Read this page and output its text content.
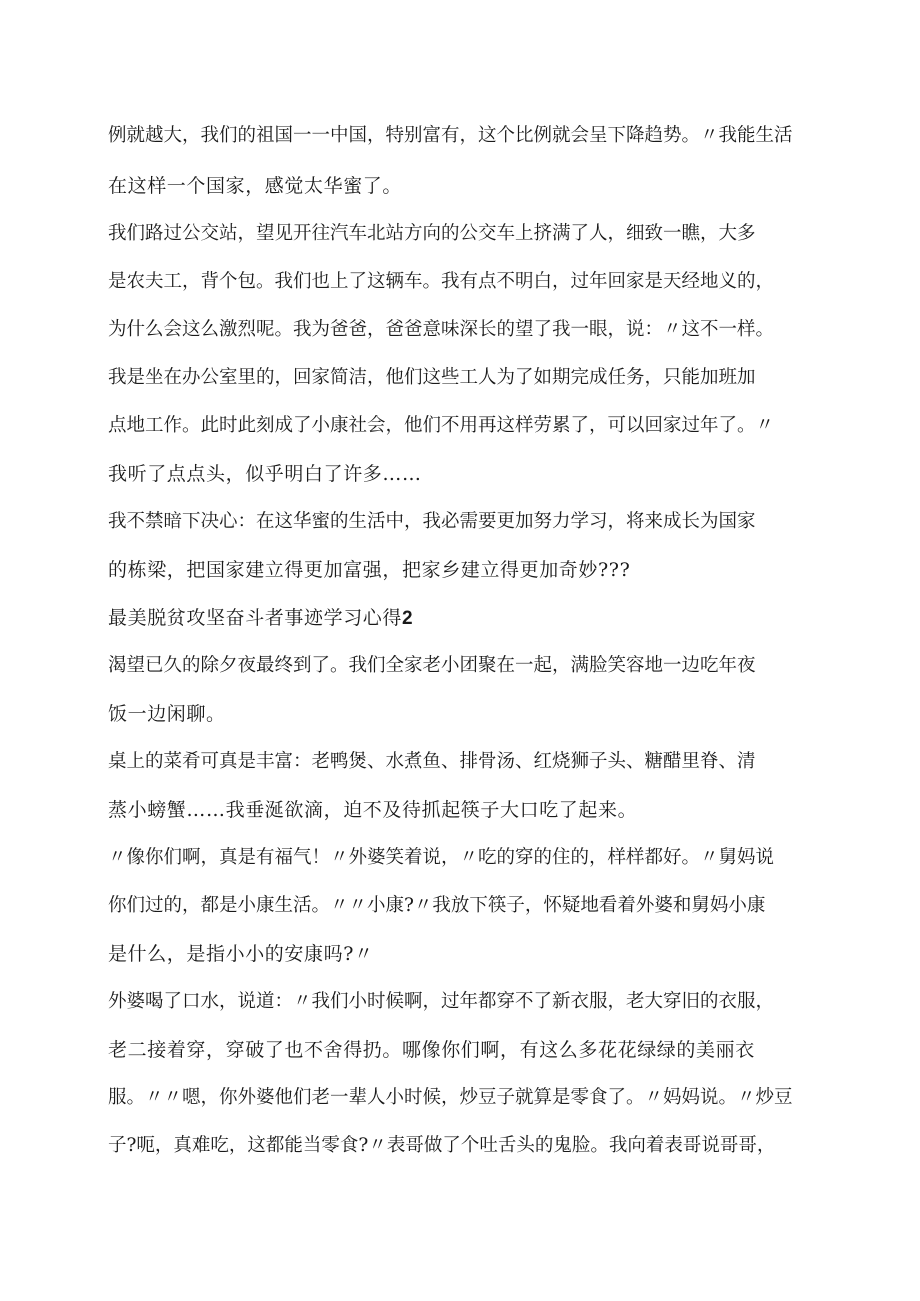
例就越大，我们的祖国一一中国，特别富有，这个比例就会呈下降趋势。〃我能生活
在这样一个国家，感觉太华蜜了。
我们路过公交站，望见开往汽车北站方向的公交车上挤满了人，细致一瞧，大多
是农夫工，背个包。我们也上了这辆车。我有点不明白，过年回家是天经地义的，
为什么会这么激烈呢。我为爸爸，爸爸意味深长的望了我一眼，说：〃这不一样。
我是坐在办公室里的，回家简洁，他们这些工人为了如期完成任务，只能加班加
点地工作。此时此刻成了小康社会，他们不用再这样劳累了，可以回家过年了。〃
我听了点点头，似乎明白了许多……
我不禁暗下决心：在这华蜜的生活中，我必需要更加努力学习，将来成长为国家
的栋梁，把国家建立得更加富强，把家乡建立得更加奇妙???
最美脱贫攻坚奋斗者事迹学习心得2
渴望已久的除夕夜最终到了。我们全家老小团聚在一起，满脸笑容地一边吃年夜
饭一边闲聊。
桌上的菜肴可真是丰富：老鸭煲、水煮鱼、排骨汤、红烧狮子头、糖醋里脊、清
蒸小螃蟹……我垂涎欲滴，迫不及待抓起筷子大口吃了起来。
〃像你们啊，真是有福气！〃外婆笑着说，〃吃的穿的住的，样样都好。〃舅妈说
你们过的，都是小康生活。〃〃小康?〃我放下筷子，怀疑地看着外婆和舅妈小康
是什么，是指小小的安康吗?〃
外婆喝了口水，说道：〃我们小时候啊，过年都穿不了新衣服，老大穿旧的衣服，
老二接着穿，穿破了也不舍得扔。哪像你们啊，有这么多花花绿绿的美丽衣
服。〃〃嗯，你外婆他们老一辈人小时候，炒豆子就算是零食了。〃妈妈说。〃炒豆
子?呃，真难吃，这都能当零食?〃表哥做了个吐舌头的鬼脸。我向着表哥说哥哥，
